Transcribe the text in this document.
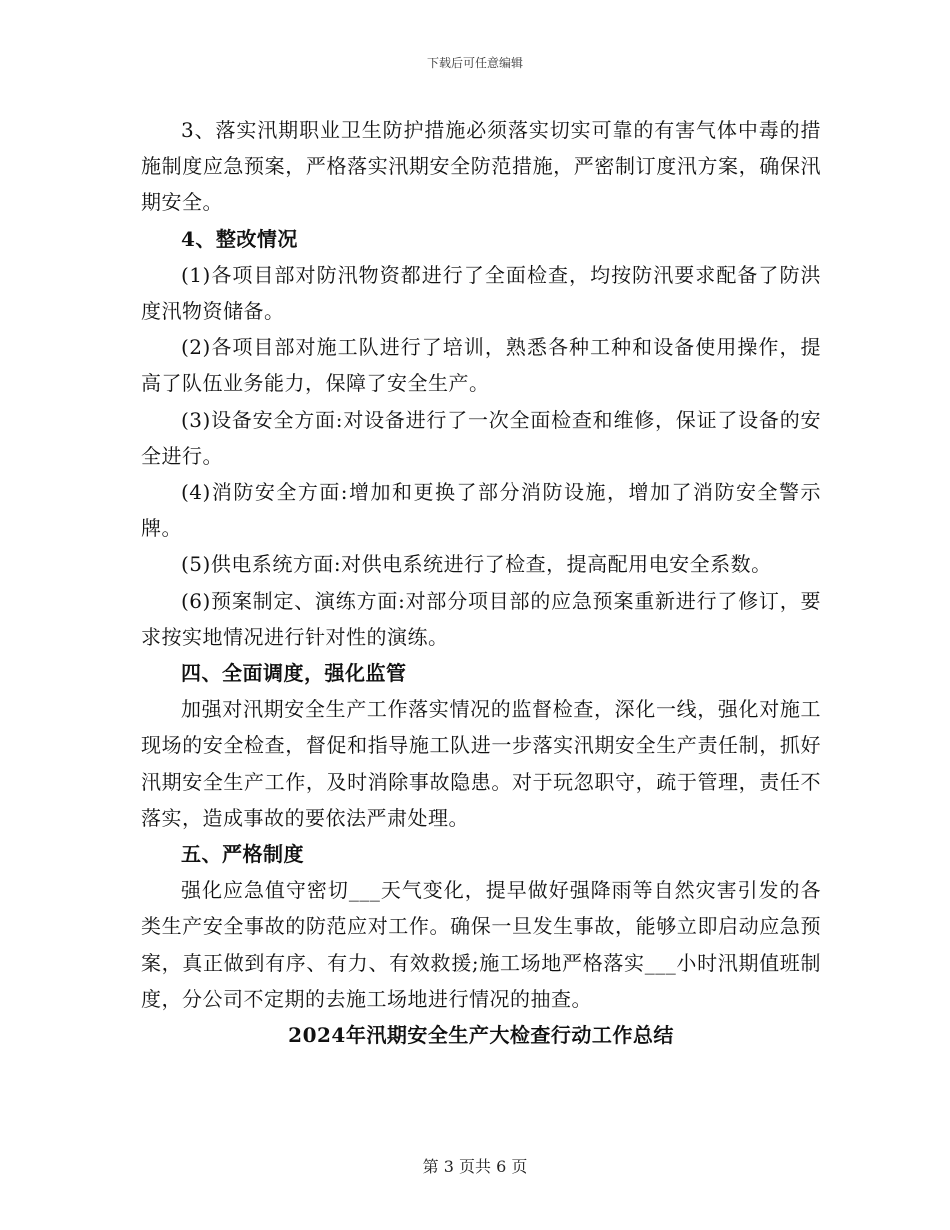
下载后可任意编辑

3、落实汛期职业卫生防护措施必须落实切实可靠的有害气体中毒的措施制度应急预案，严格落实汛期安全防范措施，严密制订度汛方案，确保汛期安全。

4、整改情况

(1)各项目部对防汛物资都进行了全面检查，均按防汛要求配备了防洪度汛物资储备。

(2)各项目部对施工队进行了培训，熟悉各种工种和设备使用操作，提高了队伍业务能力，保障了安全生产。

(3)设备安全方面:对设备进行了一次全面检查和维修，保证了设备的安全进行。

(4)消防安全方面:增加和更换了部分消防设施，增加了消防安全警示牌。

(5)供电系统方面:对供电系统进行了检查，提高配用电安全系数。

(6)预案制定、演练方面:对部分项目部的应急预案重新进行了修订，要求按实地情况进行针对性的演练。

四、全面调度，强化监管

加强对汛期安全生产工作落实情况的监督检查，深化一线，强化对施工现场的安全检查，督促和指导施工队进一步落实汛期安全生产责任制，抓好汛期安全生产工作，及时消除事故隐患。对于玩忽职守，疏于管理，责任不落实，造成事故的要依法严肃处理。

五、严格制度

强化应急值守密切___天气变化，提早做好强降雨等自然灾害引发的各类生产安全事故的防范应对工作。确保一旦发生事故，能够立即启动应急预案，真正做到有序、有力、有效救援;施工场地严格落实___小时汛期值班制度，分公司不定期的去施工场地进行情况的抽查。

2024年汛期安全生产大检查行动工作总结

第 3 页共 6 页
